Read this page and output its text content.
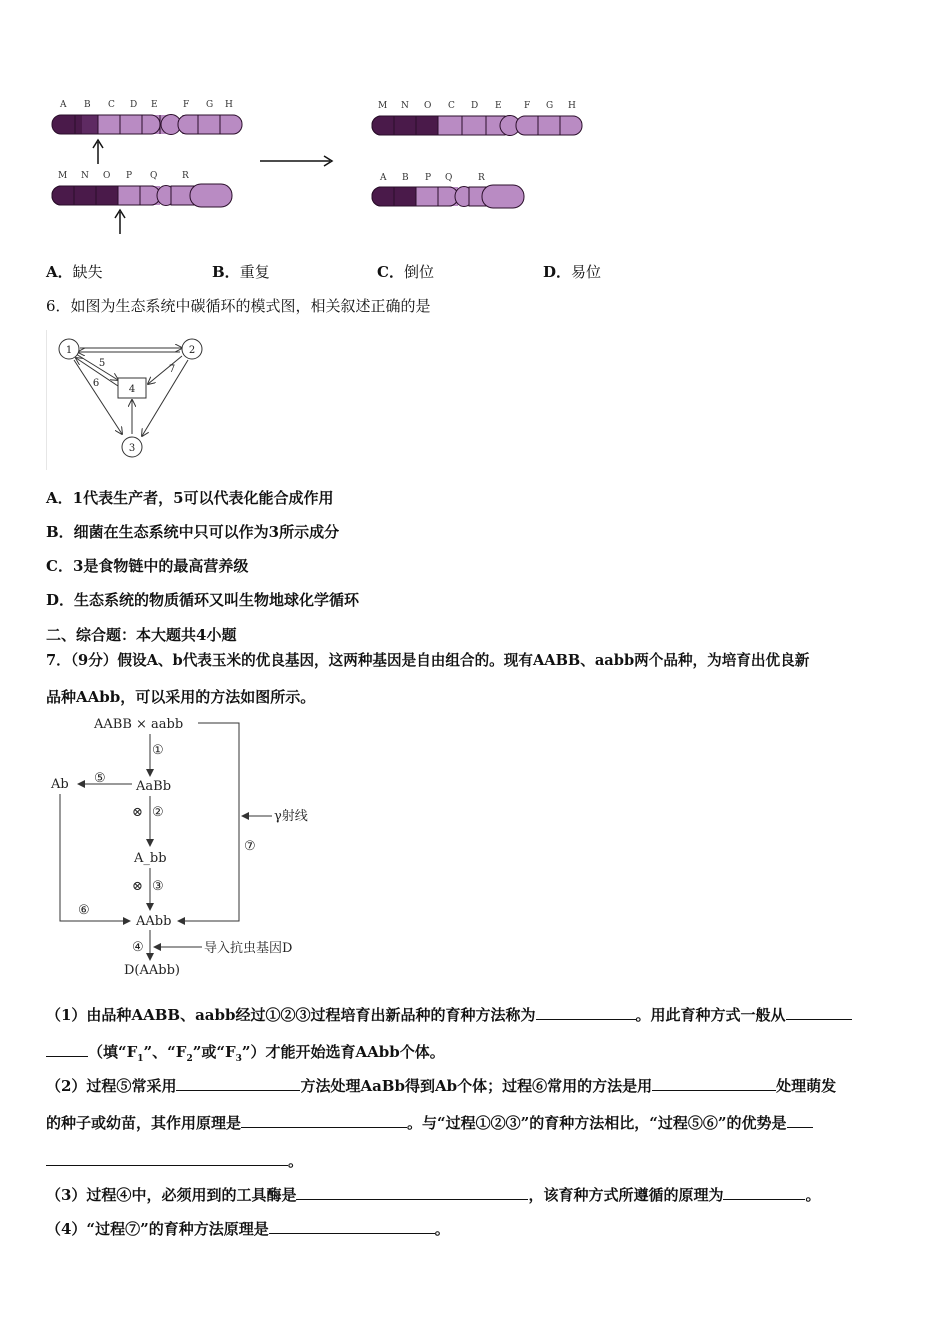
A B C D E	F G H
M N O P Q	R
M N O C D E F G H
A B P Q	R
A．缺失	B．重复	C．倒位	D．易位
6．如图为生态系统中碳循环的模式图，相关叙述正确的是
1	2
3
4
5
6
7
A．1代表生产者，5可以代表化能合成作用
B．细菌在生态系统中只可以作为3所示成分
C．3是食物链中的最高营养级
D．生态系统的物质循环又叫生物地球化学循环
二、综合题：本大题共4小题
7．（9分）假设A、b代表玉米的优良基因，这两种基因是自由组合的。现有AABB、aabb两个品种，为培育出优良新
品种AAbb，可以采用的方法如图所示。
AABB × aabb
AaBb
A_bb
AAbb
Ab
D(AAbb)
①
②
③
④
⑤
⑥
⑦
⊗
⊗
γ射线
导入抗虫基因D
（1）由品种AABB、aabb经过①②③过程培育出新品种的育种方法称为	。用此育种方式一般从
（填“$F_1$”、“$F_2$”或“$F_3$”）才能开始选育AAbb个体。
（2）过程⑤常采用	方法处理AaBb得到Ab个体；过程⑥常用的方法是用	处理萌发
的种子或幼苗，其作用原理是	。与“过程①②③”的育种方法相比，“过程⑤⑥”的优势是
。
（3）过程④中，必须用到的工具酶是	，该育种方式所遵循的原理为	。
（4）“过程⑦”的育种方法原理是	。
